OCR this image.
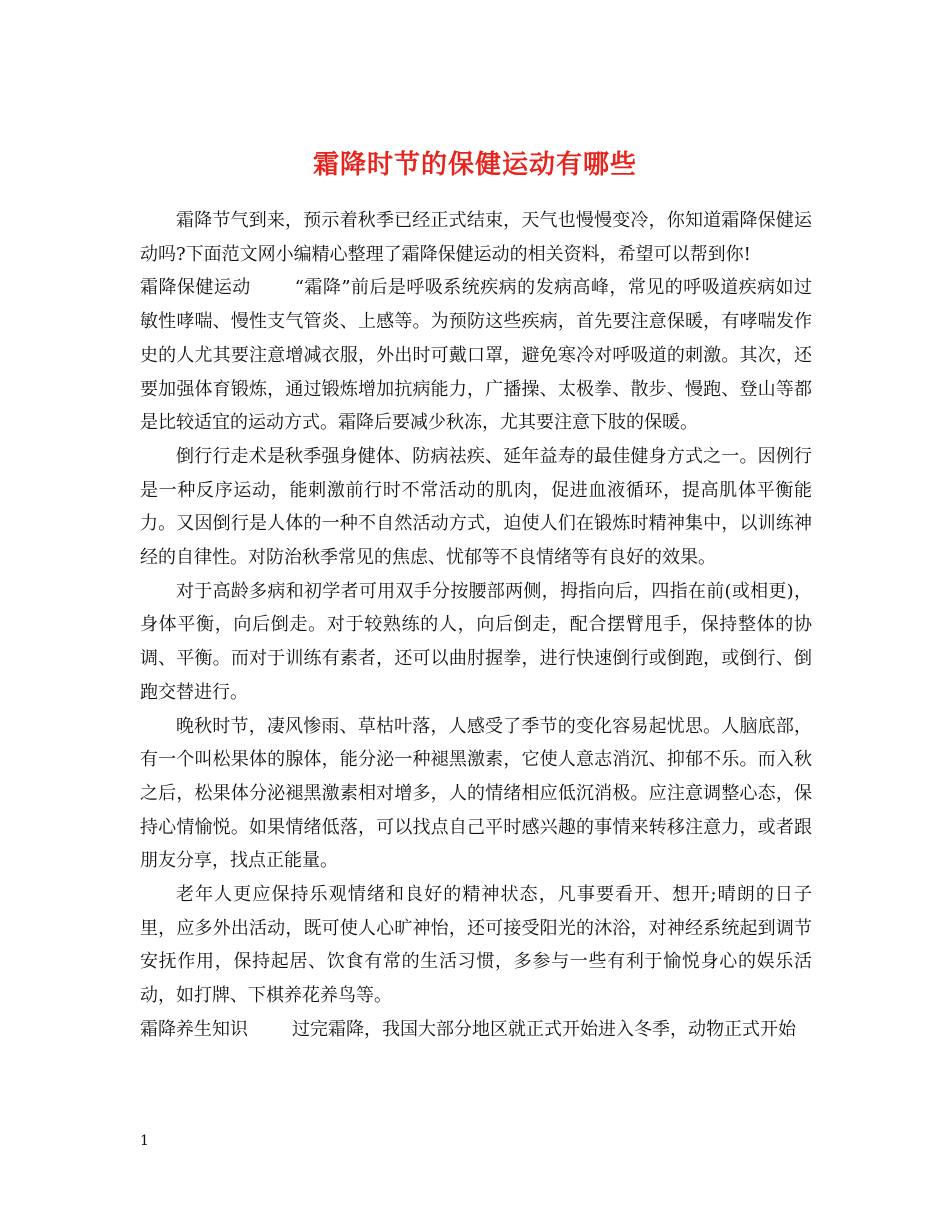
霜降时节的保健运动有哪些

霜降节气到来，预示着秋季已经正式结束，天气也慢慢变冷，你知道霜降保健运动吗?下面范文网小编精心整理了霜降保健运动的相关资料，希望可以帮到你!

霜降保健运动 “霜降”前后是呼吸系统疾病的发病高峰，常见的呼吸道疾病如过敏性哮喘、慢性支气管炎、上感等。为预防这些疾病，首先要注意保暖，有哮喘发作史的人尤其要注意增减衣服，外出时可戴口罩，避免寒冷对呼吸道的刺激。其次，还要加强体育锻炼，通过锻炼增加抗病能力，广播操、太极拳、散步、慢跑、登山等都是比较适宜的运动方式。霜降后要减少秋冻，尤其要注意下肢的保暖。

倒行行走术是秋季强身健体、防病祛疾、延年益寿的最佳健身方式之一。因例行是一种反序运动，能刺激前行时不常活动的肌肉，促进血液循环，提高肌体平衡能力。又因倒行是人体的一种不自然活动方式，迫使人们在锻炼时精神集中，以训练神经的自律性。对防治秋季常见的焦虑、忧郁等不良情绪等有良好的效果。

对于高龄多病和初学者可用双手分按腰部两侧，拇指向后，四指在前(或相更)，身体平衡，向后倒走。对于较熟练的人，向后倒走，配合摆臂甩手，保持整体的协调、平衡。而对于训练有素者，还可以曲肘握拳，进行快速倒行或倒跑，或倒行、倒跑交替进行。

晚秋时节，凄风惨雨、草枯叶落，人感受了季节的变化容易起忧思。人脑底部，有一个叫松果体的腺体，能分泌一种褪黑激素，它使人意志消沉、抑郁不乐。而入秋之后，松果体分泌褪黑激素相对增多，人的情绪相应低沉消极。应注意调整心态，保持心情愉悦。如果情绪低落，可以找点自己平时感兴趣的事情来转移注意力，或者跟朋友分享，找点正能量。

老年人更应保持乐观情绪和良好的精神状态，凡事要看开、想开;晴朗的日子里，应多外出活动，既可使人心旷神怡，还可接受阳光的沐浴，对神经系统起到调节安抚作用，保持起居、饮食有常的生活习惯，多参与一些有利于愉悦身心的娱乐活动，如打牌、下棋养花养鸟等。

霜降养生知识 过完霜降，我国大部分地区就正式开始进入冬季，动物正式开始

1
